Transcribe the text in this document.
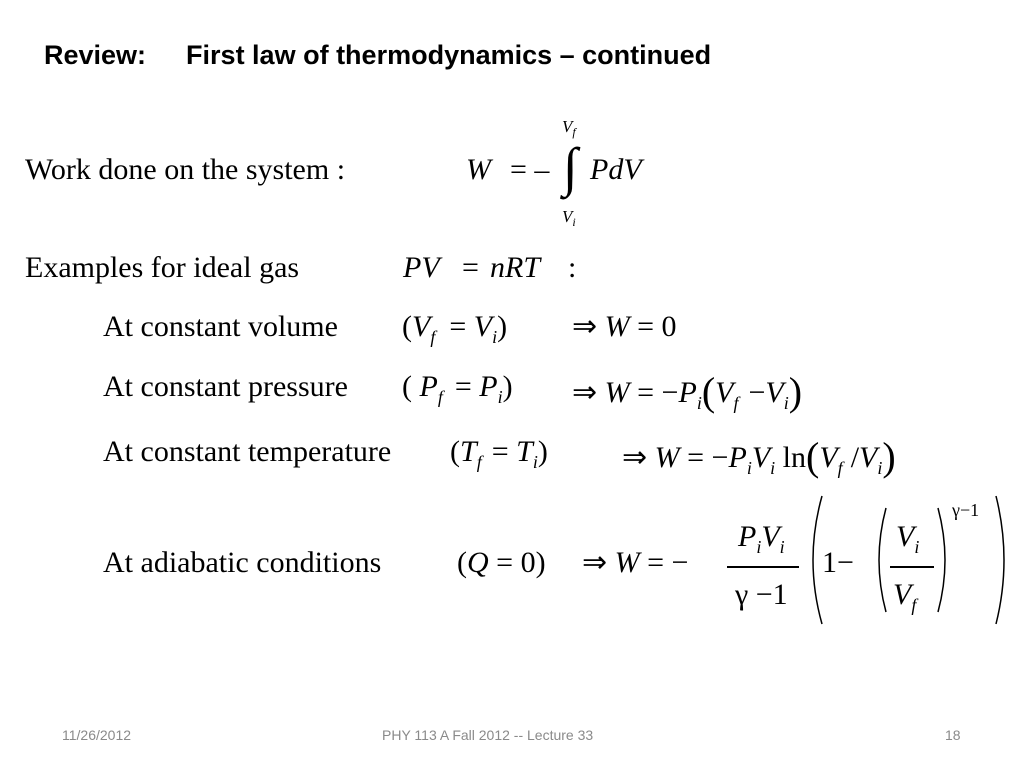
Review: First law of thermodynamics – continued
Work done on the system :	W = – ∫
$V_f$
$V_i$
PdV
Examples for ideal gas	PV = nRT :
At constant volume $(V_f = V_i)$ ⇒ W = 0
At constant pressure ( $P_f = P_i$) ⇒ $W = -P_i(V_f -V_i)$
At constant temperature $(T_f = T_i)$ ⇒ $W = -P_iV_i$ $\ln(V_f$ $/V_i$)
At adiabatic conditions	(Q = 0) ⇒ W = −
$P_iV_i$
γ −1
1−
$V_i$
$V_f$
γ−1
11/26/2012	PHY 113 A Fall 2012 -- Lecture 33	18
